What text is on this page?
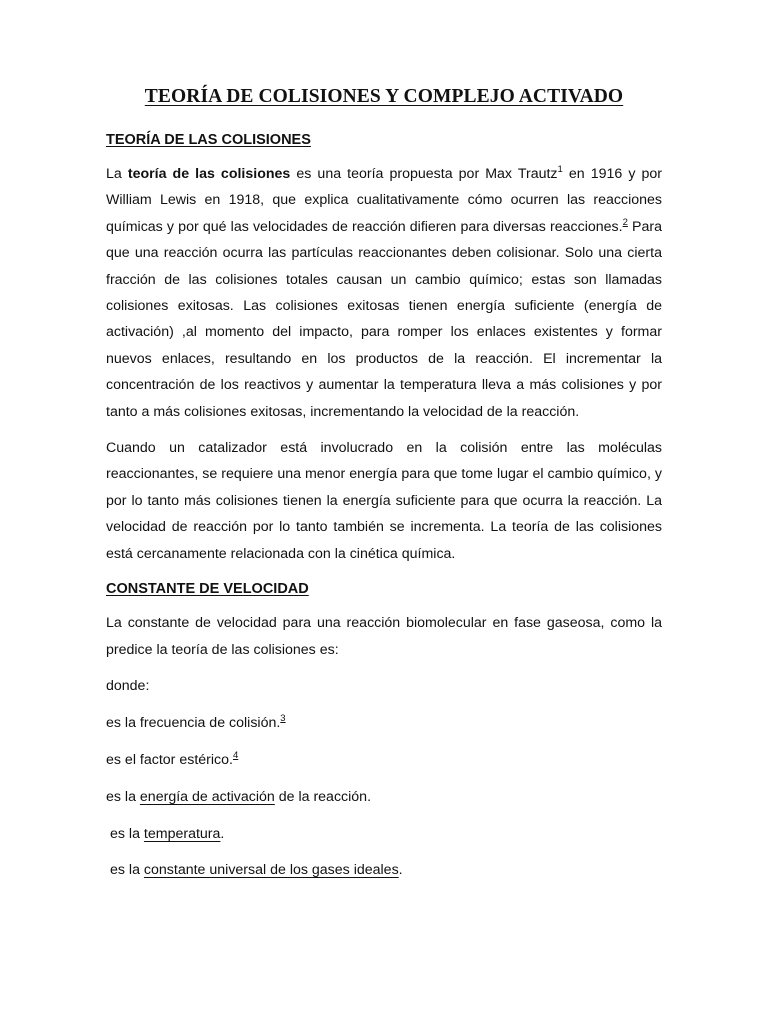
TEORÍA DE COLISIONES Y COMPLEJO ACTIVADO
TEORÍA DE LAS COLISIONES

La teoría de las colisiones es una teoría propuesta por Max Trautz$^1$ en 1916 y por William Lewis en 1918, que explica cualitativamente cómo ocurren las reacciones químicas y por qué las velocidades de reacción difieren para diversas reacciones.$^2$ Para que una reacción ocurra las partículas reaccionantes deben colisionar. Solo una cierta fracción de las colisiones totales causan un cambio químico; estas son llamadas colisiones exitosas. Las colisiones exitosas tienen energía suficiente (energía de activación) ,al momento del impacto, para romper los enlaces existentes y formar nuevos enlaces, resultando en los productos de la reacción. El incrementar la concentración de los reactivos y aumentar la temperatura lleva a más colisiones y por tanto a más colisiones exitosas, incrementando la velocidad de la reacción.

Cuando un catalizador está involucrado en la colisión entre las moléculas reaccionantes, se requiere una menor energía para que tome lugar el cambio químico, y por lo tanto más colisiones tienen la energía suficiente para que ocurra la reacción. La velocidad de reacción por lo tanto también se incrementa. La teoría de las colisiones está cercanamente relacionada con la cinética química.

CONSTANTE DE VELOCIDAD

La constante de velocidad para una reacción biomolecular en fase gaseosa, como la predice la teoría de las colisiones es:

donde:

es la frecuencia de colisión.$^3$

es el factor estérico.$^4$

es la energía de activación de la reacción.

es la temperatura.

es la constante universal de los gases ideales.
